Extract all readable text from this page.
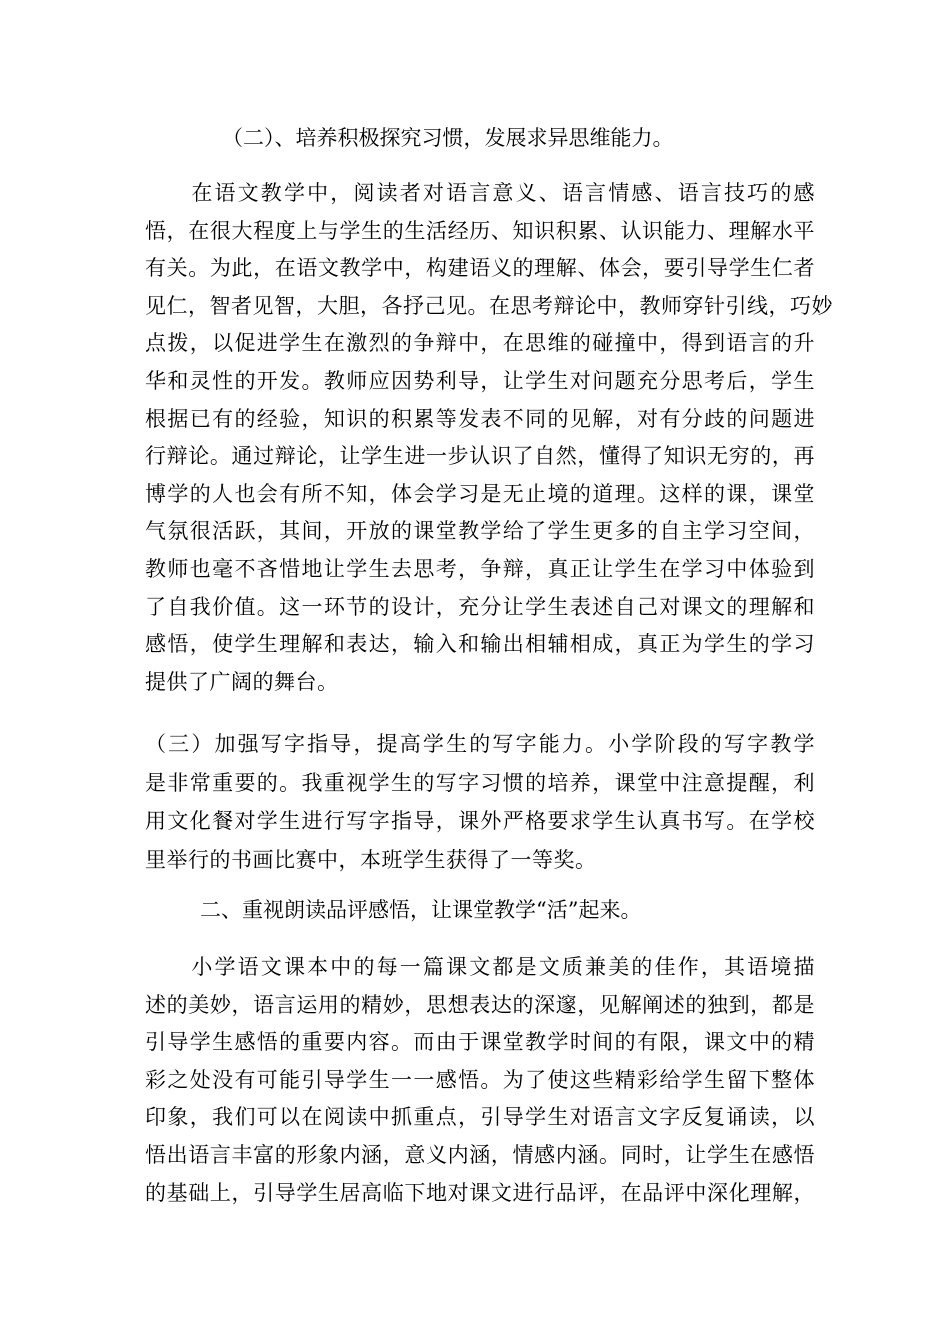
（二）、培养积极探究习惯，发展求异思维能力。
　　在语文教学中，阅读者对语言意义、语言情感、语言技巧的感
悟，在很大程度上与学生的生活经历、知识积累、认识能力、理解水平
有关。为此，在语文教学中，构建语义的理解、体会，要引导学生仁者
见仁，智者见智，大胆，各抒己见。在思考辩论中，教师穿针引线，巧妙
点拨，以促进学生在激烈的争辩中，在思维的碰撞中，得到语言的升
华和灵性的开发。教师应因势利导，让学生对问题充分思考后，学生
根据已有的经验，知识的积累等发表不同的见解，对有分歧的问题进
行辩论。通过辩论，让学生进一步认识了自然，懂得了知识无穷的，再
博学的人也会有所不知，体会学习是无止境的道理。这样的课，课堂
气氛很活跃，其间，开放的课堂教学给了学生更多的自主学习空间，
教师也毫不吝惜地让学生去思考，争辩，真正让学生在学习中体验到
了自我价值。这一环节的设计，充分让学生表述自己对课文的理解和
感悟，使学生理解和表达，输入和输出相辅相成，真正为学生的学习
提供了广阔的舞台。
（三）加强写字指导，提高学生的写字能力。小学阶段的写字教学
是非常重要的。我重视学生的写字习惯的培养，课堂中注意提醒，利
用文化餐对学生进行写字指导，课外严格要求学生认真书写。在学校
里举行的书画比赛中，本班学生获得了一等奖。
二、重视朗读品评感悟，让课堂教学“活”起来。
　　小学语文课本中的每一篇课文都是文质兼美的佳作，其语境描
述的美妙，语言运用的精妙，思想表达的深邃，见解阐述的独到，都是
引导学生感悟的重要内容。而由于课堂教学时间的有限，课文中的精
彩之处没有可能引导学生一一感悟。为了使这些精彩给学生留下整体
印象，我们可以在阅读中抓重点，引导学生对语言文字反复诵读，以
悟出语言丰富的形象内涵，意义内涵，情感内涵。同时，让学生在感悟
的基础上，引导学生居高临下地对课文进行品评，在品评中深化理解，
